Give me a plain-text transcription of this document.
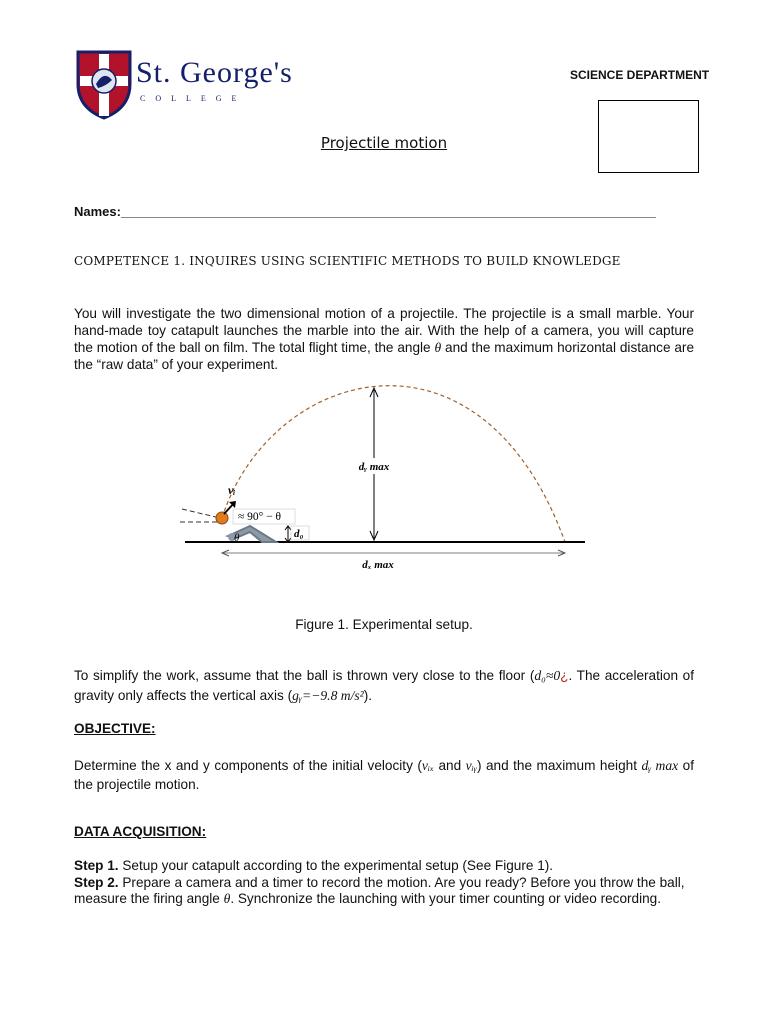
St. George's
COLLEGE
SCIENCE DEPARTMENT
Projectile motion
Names:__________________________________________________________________________
COMPETENCE 1. INQUIRES USING SCIENTIFIC METHODS TO BUILD KNOWLEDGE
You will investigate the two dimensional motion of a projectile. The projectile is a small marble. Your hand-made toy catapult launches the marble into the air. With the help of a camera, you will capture the motion of the ball on film. The total flight time, the angle θ and the maximum horizontal distance are the “raw data” of your experiment.
dᵧ max
dₓ max
vᵢ
≈ 90° − θ
d₀
θ
Figure 1. Experimental setup.
To simplify the work, assume that the ball is thrown very close to the floor (d₀≈0¿. The acceleration of gravity only affects the vertical axis (gᵧ=−9.8 m/s²).
OBJECTIVE:
Determine the x and y components of the initial velocity (vᵢₓ and vᵢᵧ) and the maximum height dᵧ max of the projectile motion.
DATA ACQUISITION:
Step 1. Setup your catapult according to the experimental setup (See Figure 1).
Step 2. Prepare a camera and a timer to record the motion. Are you ready? Before you throw the ball, measure the firing angle θ. Synchronize the launching with your timer counting or video recording.
